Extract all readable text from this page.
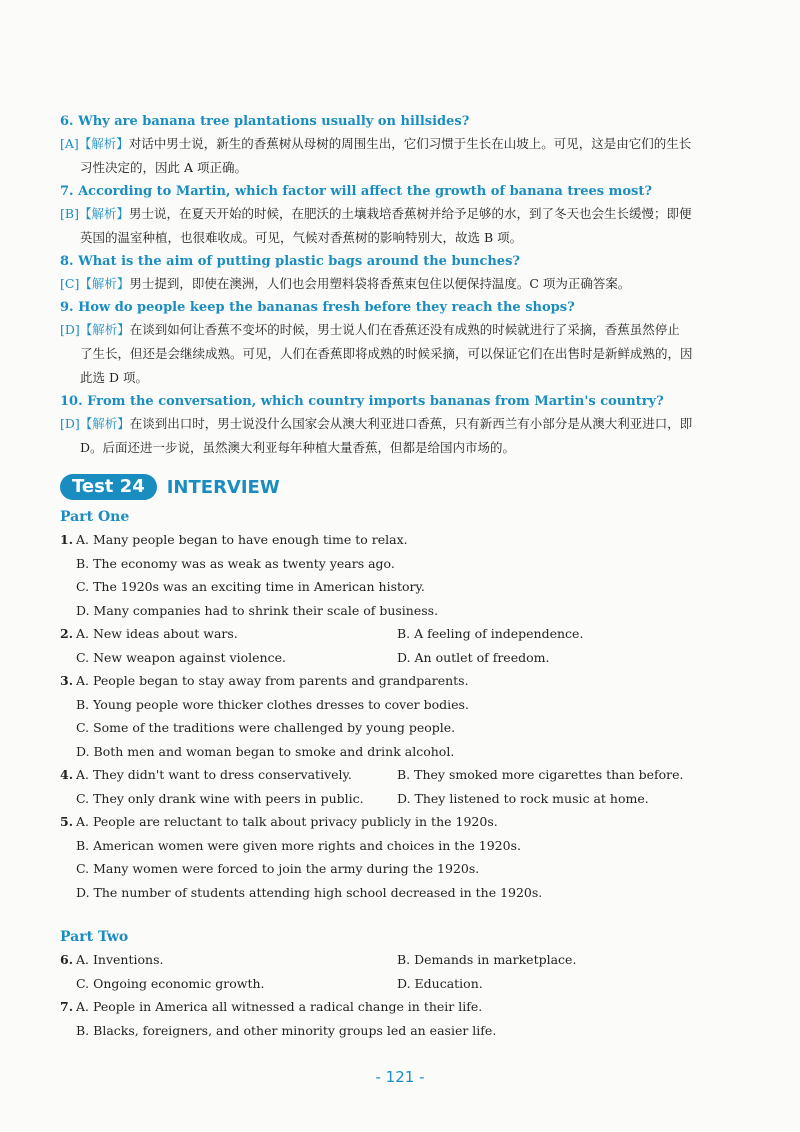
6. Why are banana tree plantations usually on hillsides?

[A]【解析】对话中男士说，新生的香蕉树从母树的周围生出，它们习惯于生长在山坡上。可见，这是由它们的生长
习性决定的，因此 A 项正确。

7. According to Martin, which factor will affect the growth of banana trees most?

[B]【解析】男士说，在夏天开始的时候，在肥沃的土壤栽培香蕉树并给予足够的水，到了冬天也会生长缓慢；即便
英国的温室种植，也很难收成。可见，气候对香蕉树的影响特别大，故选 B 项。

8. What is the aim of putting plastic bags around the bunches?

[C]【解析】男士提到，即使在澳洲，人们也会用塑料袋将香蕉束包住以便保持温度。C 项为正确答案。

9. How do people keep the bananas fresh before they reach the shops?

[D]【解析】在谈到如何让香蕉不变坏的时候，男士说人们在香蕉还没有成熟的时候就进行了采摘，香蕉虽然停止
了生长，但还是会继续成熟。可见，人们在香蕉即将成熟的时候采摘，可以保证它们在出售时是新鲜成熟的，因
此选 D 项。

10. From the conversation, which country imports bananas from Martin's country?

[D]【解析】在谈到出口时，男士说没什么国家会从澳大利亚进口香蕉，只有新西兰有小部分是从澳大利亚进口，即
D。后面还进一步说，虽然澳大利亚每年种植大量香蕉，但都是给国内市场的。

Test 24	INTERVIEW
Part One
1. A. Many people began to have enough time to relax.
B. The economy was as weak as twenty years ago.
C. The 1920s was an exciting time in American history.
D. Many companies had to shrink their scale of business.
2. A. New ideas about wars.	B. A feeling of independence.
C. New weapon against violence.	D. An outlet of freedom.
3. A. People began to stay away from parents and grandparents.
B. Young people wore thicker clothes dresses to cover bodies.
C. Some of the traditions were challenged by young people.
D. Both men and woman began to smoke and drink alcohol.
4. A. They didn't want to dress conservatively.	B. They smoked more cigarettes than before.
C. They only drank wine with peers in public.	D. They listened to rock music at home.
5. A. People are reluctant to talk about privacy publicly in the 1920s.
B. American women were given more rights and choices in the 1920s.
C. Many women were forced to join the army during the 1920s.
D. The number of students attending high school decreased in the 1920s.
Part Two
6. A. Inventions.	B. Demands in marketplace.
C. Ongoing economic growth.	D. Education.
7. A. People in America all witnessed a radical change in their life.
B. Blacks, foreigners, and other minority groups led an easier life.
- 121 -
